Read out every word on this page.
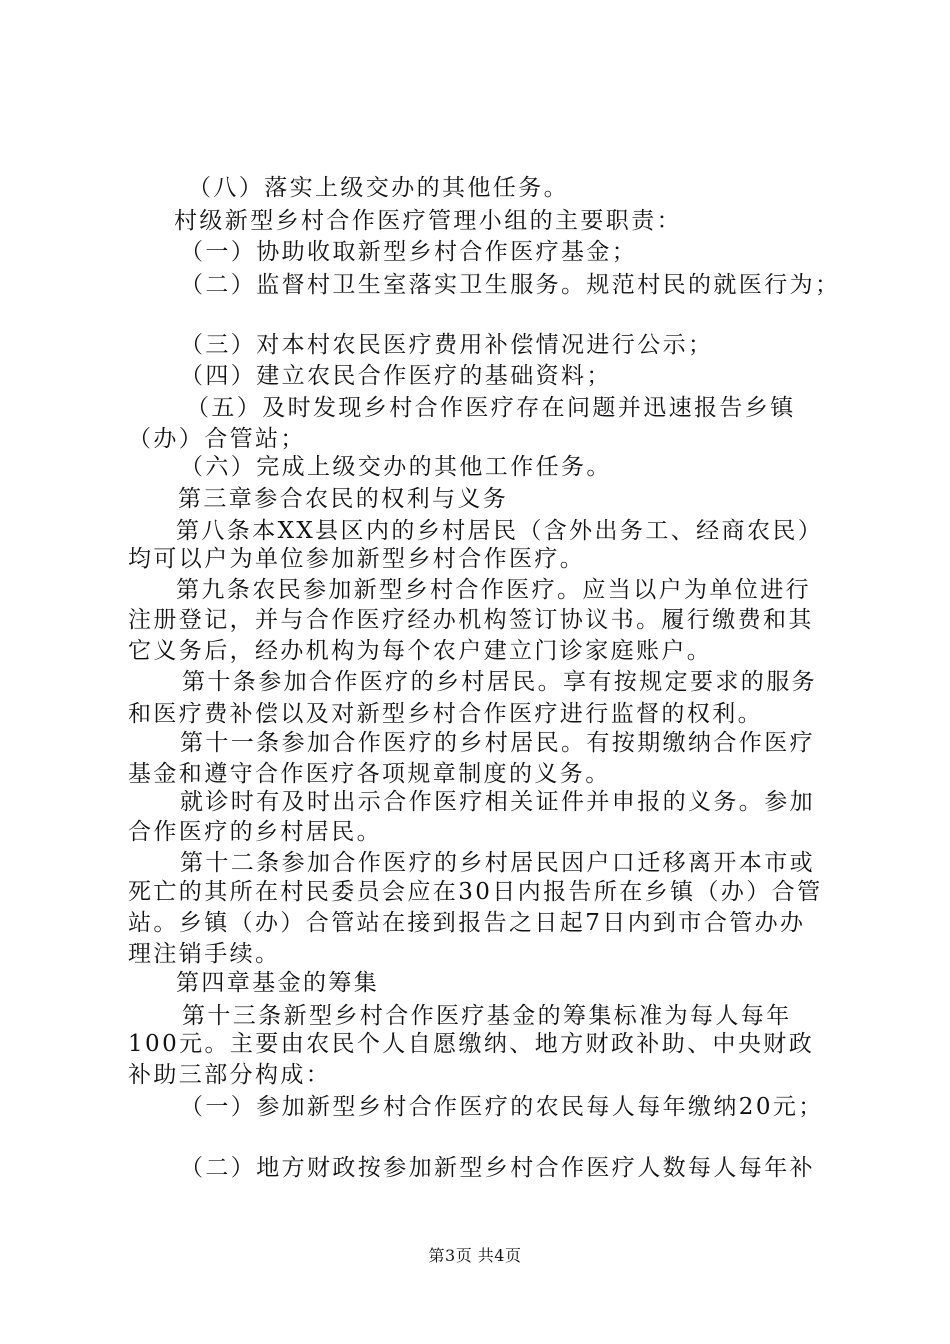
（八）落实上级交办的其他任务。
村级新型乡村合作医疗管理小组的主要职责：
（一）协助收取新型乡村合作医疗基金；
（二）监督村卫生室落实卫生服务。规范村民的就医行为；
（三）对本村农民医疗费用补偿情况进行公示；
（四）建立农民合作医疗的基础资料；
（五）及时发现乡村合作医疗存在问题并迅速报告乡镇
（办）合管站；
（六）完成上级交办的其他工作任务。
第三章参合农民的权利与义务
第八条本XX县区内的乡村居民（含外出务工、经商农民）
均可以户为单位参加新型乡村合作医疗。
第九条农民参加新型乡村合作医疗。应当以户为单位进行
注册登记，并与合作医疗经办机构签订协议书。履行缴费和其
它义务后，经办机构为每个农户建立门诊家庭账户。
第十条参加合作医疗的乡村居民。享有按规定要求的服务
和医疗费补偿以及对新型乡村合作医疗进行监督的权利。
第十一条参加合作医疗的乡村居民。有按期缴纳合作医疗
基金和遵守合作医疗各项规章制度的义务。
就诊时有及时出示合作医疗相关证件并申报的义务。参加
合作医疗的乡村居民。
第十二条参加合作医疗的乡村居民因户口迁移离开本市或
死亡的其所在村民委员会应在30日内报告所在乡镇（办）合管
站。乡镇（办）合管站在接到报告之日起7日内到市合管办办
理注销手续。
第四章基金的筹集
第十三条新型乡村合作医疗基金的筹集标准为每人每年
100元。主要由农民个人自愿缴纳、地方财政补助、中央财政
补助三部分构成：
（一）参加新型乡村合作医疗的农民每人每年缴纳20元；
（二）地方财政按参加新型乡村合作医疗人数每人每年补
第3页 共4页
